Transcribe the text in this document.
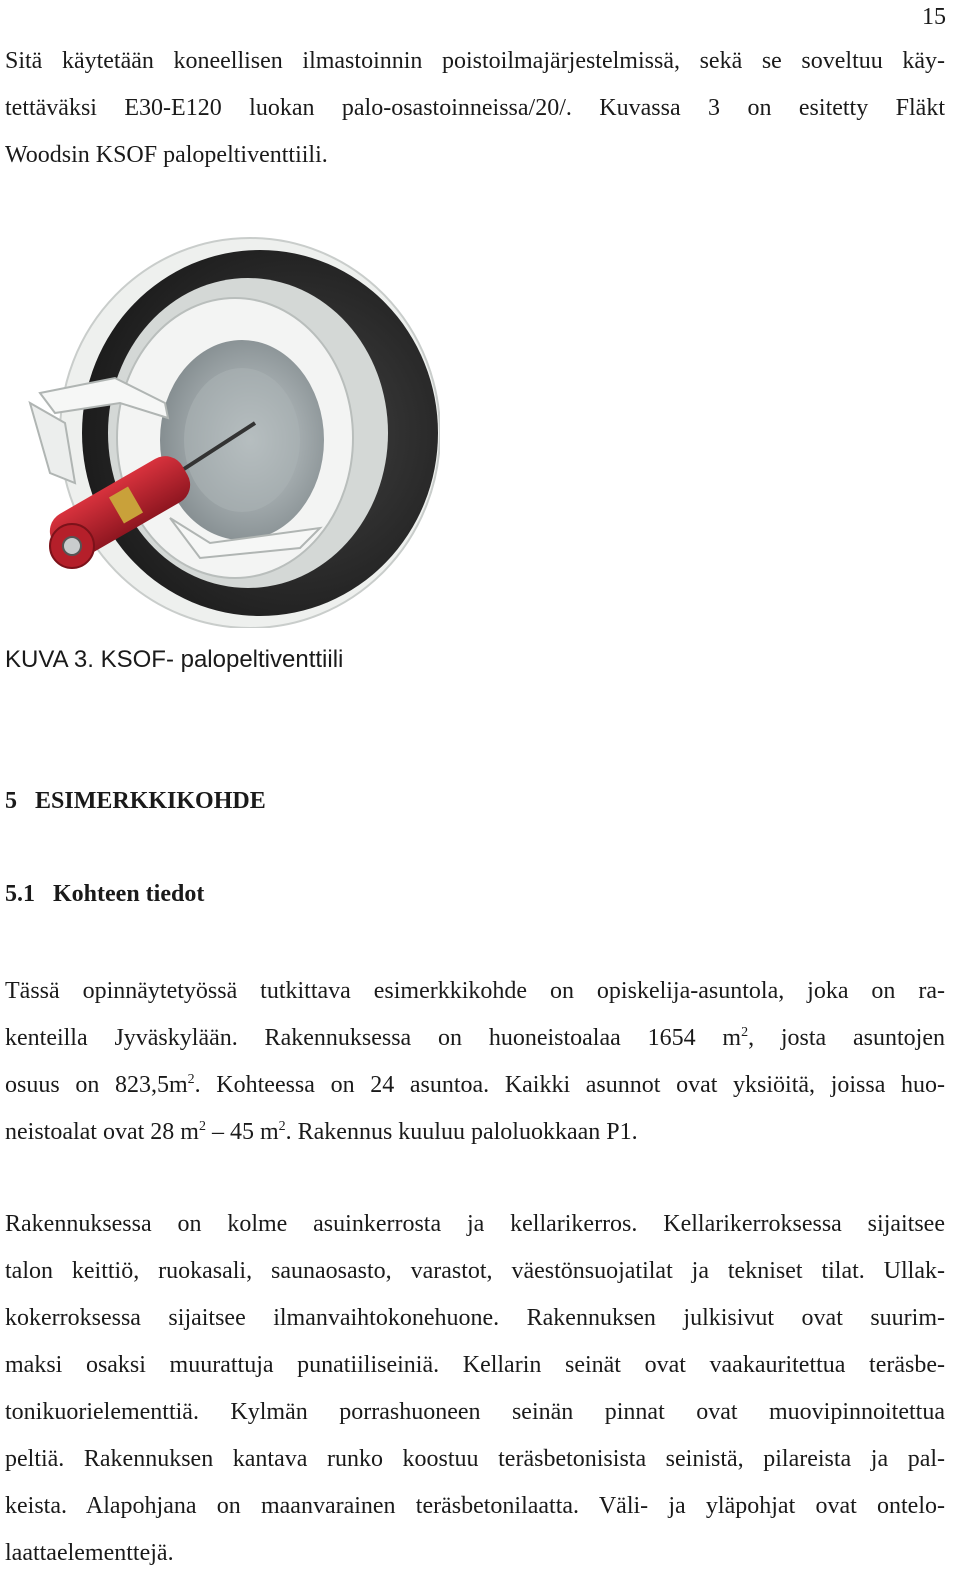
15

Sitä käytetään koneellisen ilmastoinnin poistoilmajärjestelmissä, sekä se soveltuu käy-
tettäväksi E30-E120 luokan palo-osastoinneissa/20/. Kuvassa 3 on esitetty Fläkt
Woodsin KSOF palopeltiventtiili.

KUVA 3. KSOF- palopeltiventtiili
5 ESIMERKKIKOHDE
5.1 Kohteen tiedot

Tässä opinnäytetyössä tutkittava esimerkkikohde on opiskelija-asuntola, joka on ra-
kenteilla Jyväskylään. Rakennuksessa on huoneistoalaa 1654 $m^2$, josta asuntojen
osuus on $823,5m^2$. Kohteessa on 24 asuntoa. Kaikki asunnot ovat yksiöitä, joissa huo-
neistoalat ovat 28 $m^2 - 45$ $m^2$. Rakennus kuuluu paloluokkaan P1.

Rakennuksessa on kolme asuinkerrosta ja kellarikerros. Kellarikerroksessa sijaitsee
talon keittiö, ruokasali, saunaosasto, varastot, väestönsuojatilat ja tekniset tilat. Ullak-
kokerroksessa sijaitsee ilmanvaihtokonehuone. Rakennuksen julkisivut ovat suurim-
maksi osaksi muurattuja punatiiliseiniä. Kellarin seinät ovat vaakauritettua teräsbe-
tonikuorielementtiä. Kylmän porrashuoneen seinän pinnat ovat muovipinnoitettua
peltiä. Rakennuksen kantava runko koostuu teräsbetonisista seinistä, pilareista ja pal-
keista. Alapohjana on maanvarainen teräsbetonilaatta. Väli- ja yläpohjat ovat ontelo-
laattaelementtejä.
